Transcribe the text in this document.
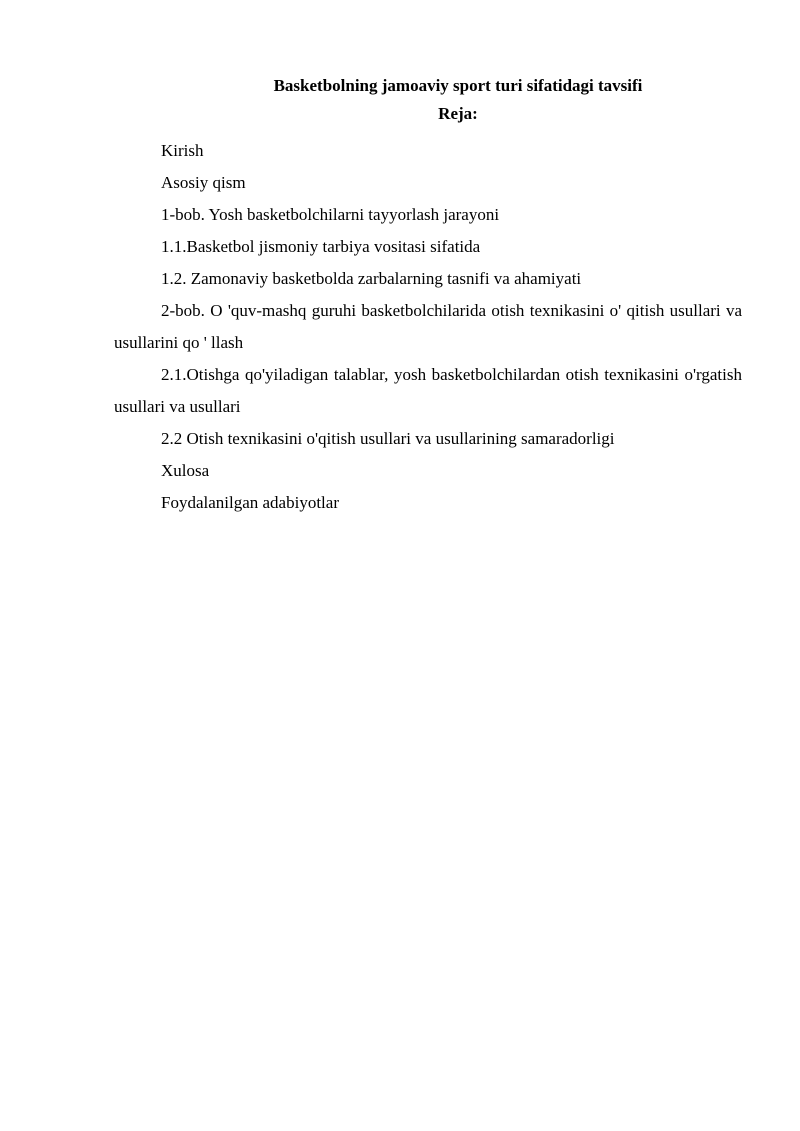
Basketbolning jamoaviy sport turi sifatidagi tavsifi
Reja:
Kirish
Asosiy qism
1-bob. Yosh basketbolchilarni tayyorlash jarayoni
1.1.Basketbol jismoniy tarbiya vositasi sifatida
1.2. Zamonaviy basketbolda zarbalarning tasnifi va ahamiyati
2-bob. O 'quv-mashq guruhi basketbolchilarida otish texnikasini o' qitish usullari va usullarini qo ' llash
2.1.Otishga qo'yiladigan talablar, yosh basketbolchilardan otish texnikasini o'rgatish usullari va usullari
2.2 Otish texnikasini o'qitish usullari va usullarining samaradorligi
Xulosa
Foydalanilgan adabiyotlar
